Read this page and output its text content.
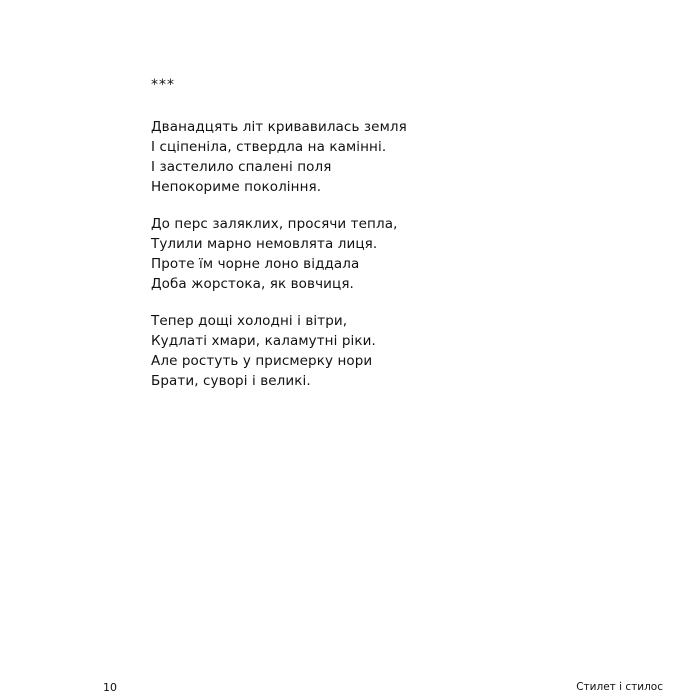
***
Дванадцять літ кривавилась земля
І сціпеніла, ствердла на камінні.
І застелило спалені поля
Непокориме покоління.
До перс заляклих, просячи тепла,
Тулили марно немовлята лиця.
Проте їм чорне лоно віддала
Доба жорстока, як вовчиця.
Тепер дощі холодні і вітри,
Кудлаті хмари, каламутні ріки.
Але ростуть у присмерку нори
Брати, суворі і великі.
10	Стилет і стилос
